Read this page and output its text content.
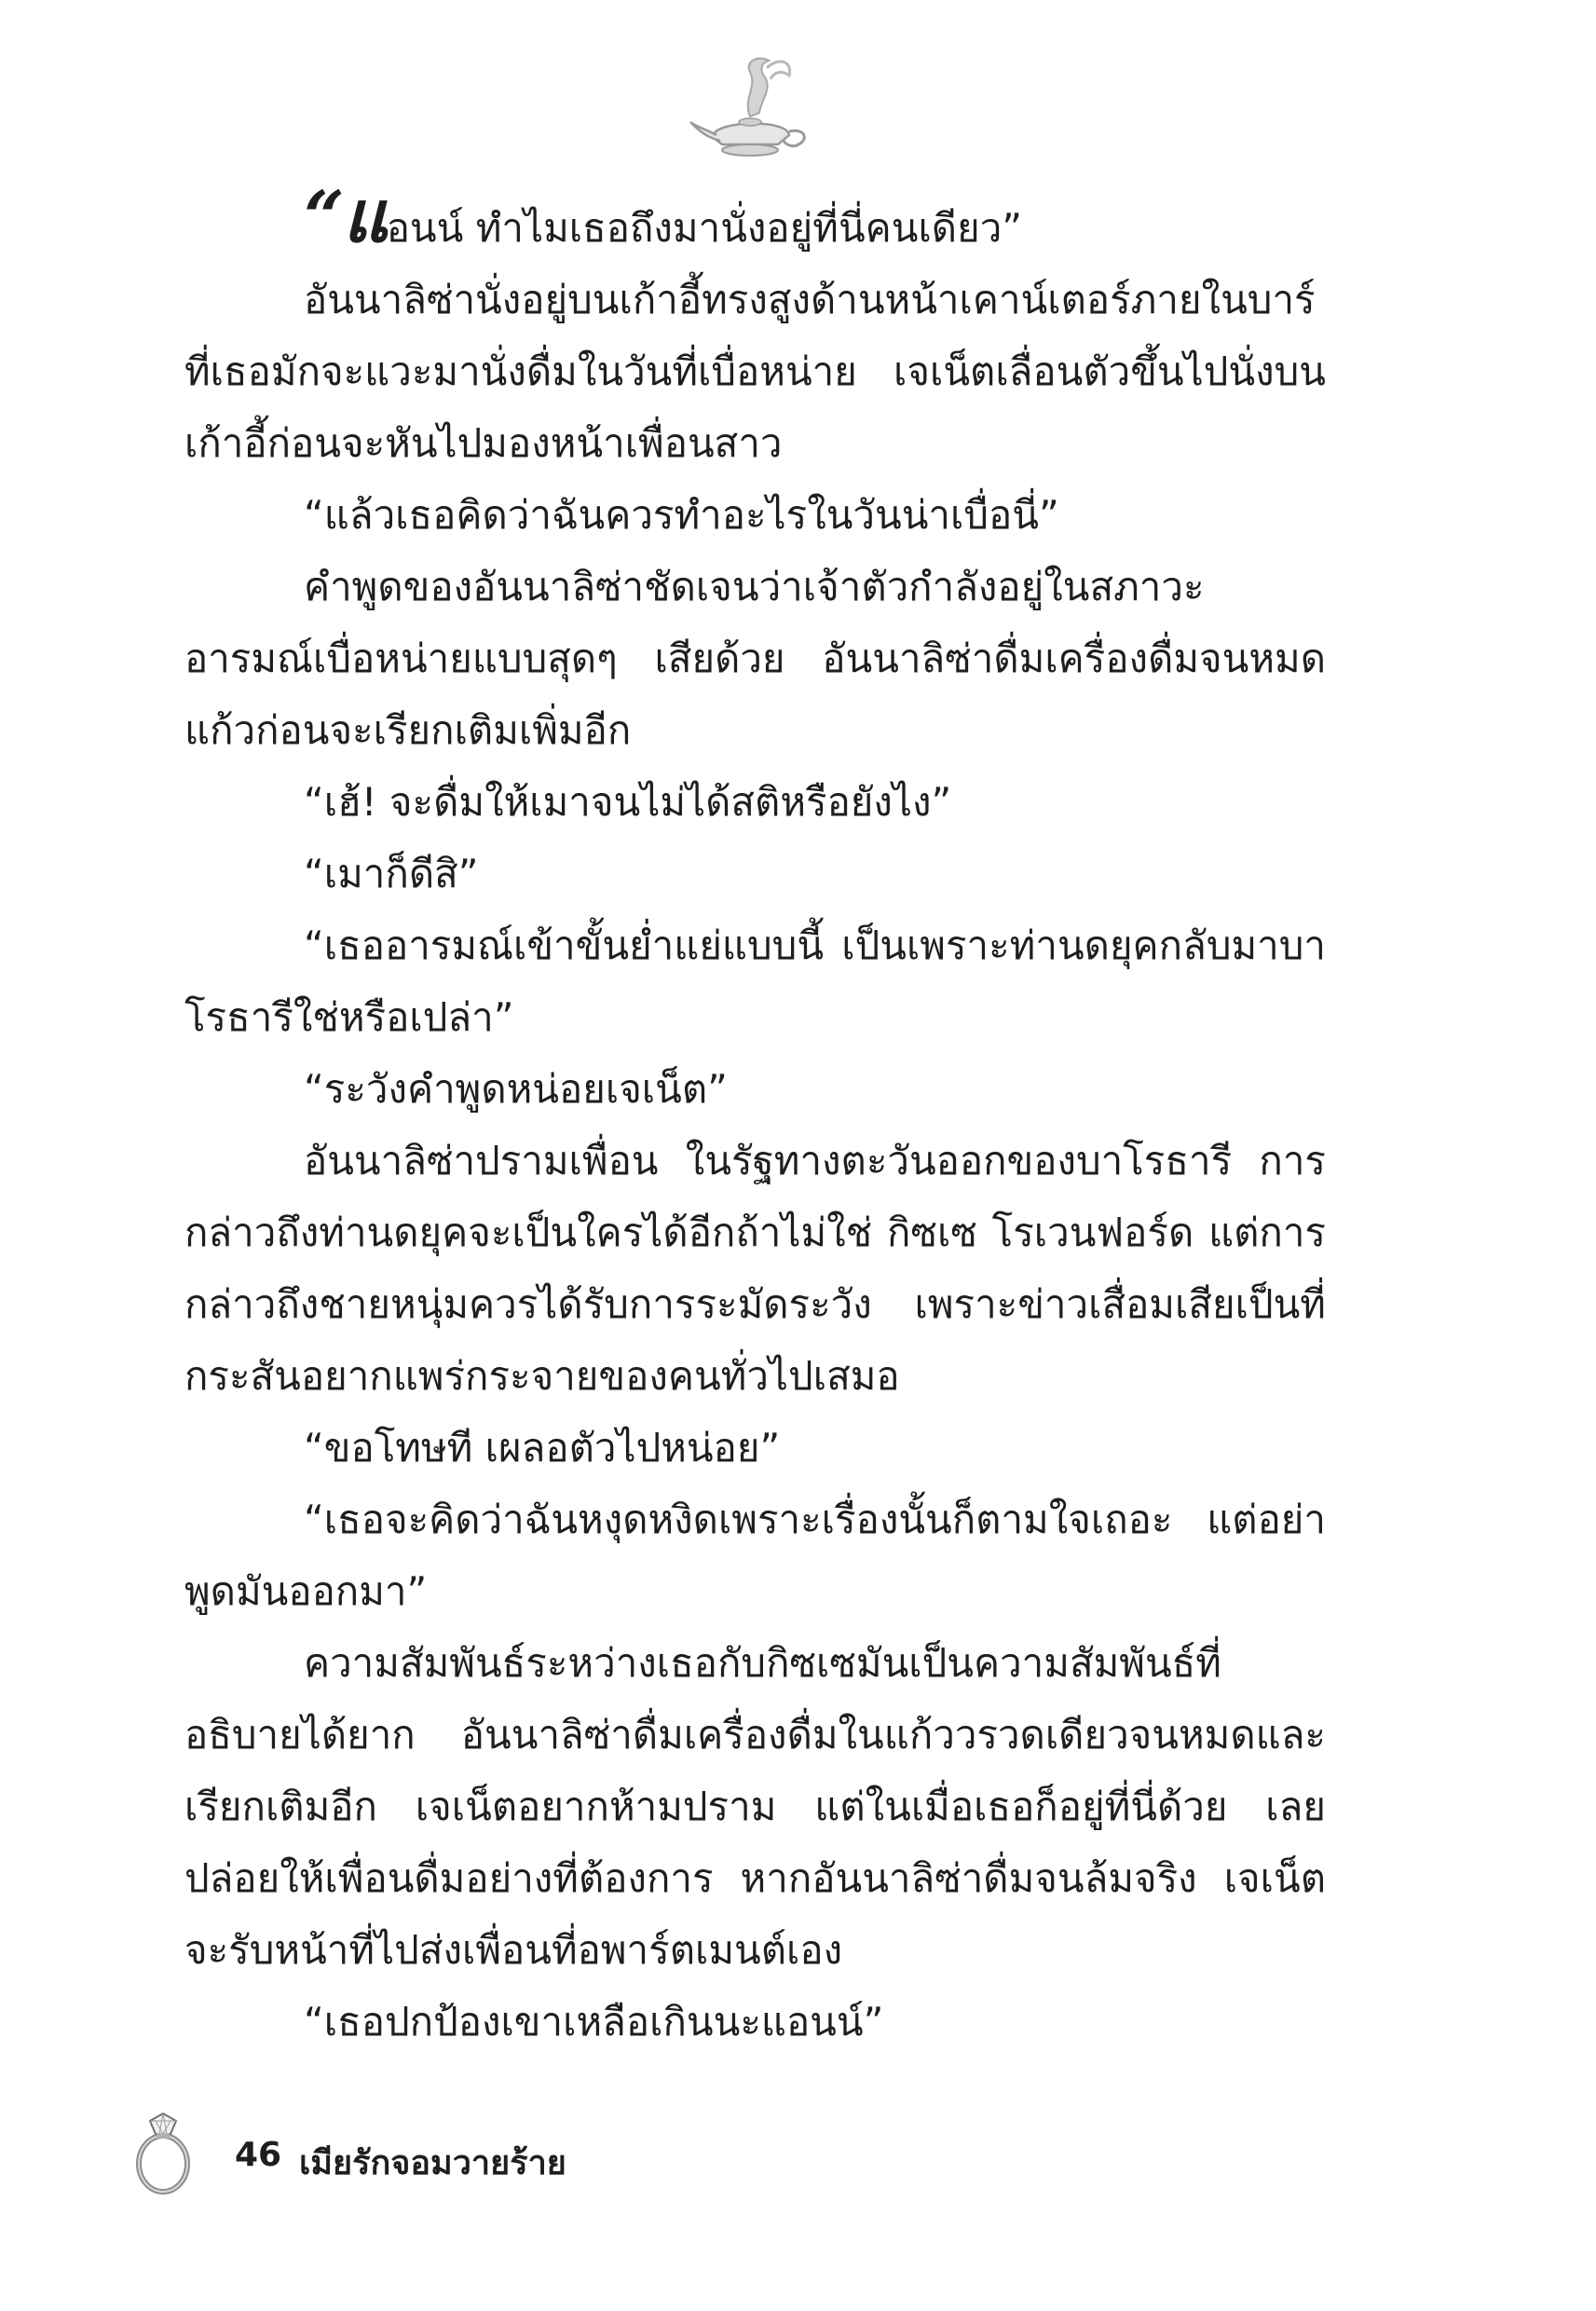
“แอนน์ ทำไมเธอถึงมานั่งอยู่ที่นี่คนเดียว”

อันนาลิซ่านั่งอยู่บนเก้าอี้ทรงสูงด้านหน้าเคาน์เตอร์ภายในบาร์ที่เธอมักจะแวะมานั่งดื่มในวันที่เบื่อหน่าย เจเน็ตเลื่อนตัวขึ้นไปนั่งบนเก้าอี้ก่อนจะหันไปมองหน้าเพื่อนสาว

“แล้วเธอคิดว่าฉันควรทำอะไรในวันน่าเบื่อนี่”

คำพูดของอันนาลิซ่าชัดเจนว่าเจ้าตัวกำลังอยู่ในสภาวะอารมณ์เบื่อหน่ายแบบสุดๆ เสียด้วย อันนาลิซ่าดื่มเครื่องดื่มจนหมดแก้วก่อนจะเรียกเติมเพิ่มอีก

“เฮ้! จะดื่มให้เมาจนไม่ได้สติหรือยังไง”

“เมาก็ดีสิ”

“เธออารมณ์เข้าขั้นย่ำแย่แบบนี้ เป็นเพราะท่านดยุคกลับมาบาโรธารีใช่หรือเปล่า”

“ระวังคำพูดหน่อยเจเน็ต”

อันนาลิซ่าปรามเพื่อน ในรัฐทางตะวันออกของบาโรธารี การกล่าวถึงท่านดยุคจะเป็นใครได้อีกถ้าไม่ใช่ กิซเซ โรเวนฟอร์ด แต่การกล่าวถึงชายหนุ่มควรได้รับการระมัดระวัง เพราะข่าวเสื่อมเสียเป็นที่กระสันอยากแพร่กระจายของคนทั่วไปเสมอ

“ขอโทษที เผลอตัวไปหน่อย”

“เธอจะคิดว่าฉันหงุดหงิดเพราะเรื่องนั้นก็ตามใจเถอะ แต่อย่าพูดมันออกมา”

ความสัมพันธ์ระหว่างเธอกับกิซเซมันเป็นความสัมพันธ์ที่อธิบายได้ยาก อันนาลิซ่าดื่มเครื่องดื่มในแก้ววรวดเดียวจนหมดและเรียกเติมอีก เจเน็ตอยากห้ามปราม แต่ในเมื่อเธอก็อยู่ที่นี่ด้วย เลยปล่อยให้เพื่อนดื่มอย่างที่ต้องการ หากอันนาลิซ่าดื่มจนล้มจริง เจเน็ตจะรับหน้าที่ไปส่งเพื่อนที่อพาร์ตเมนต์เอง

“เธอปกป้องเขาเหลือเกินนะแอนน์”

46 เมียรักจอมวายร้าย
